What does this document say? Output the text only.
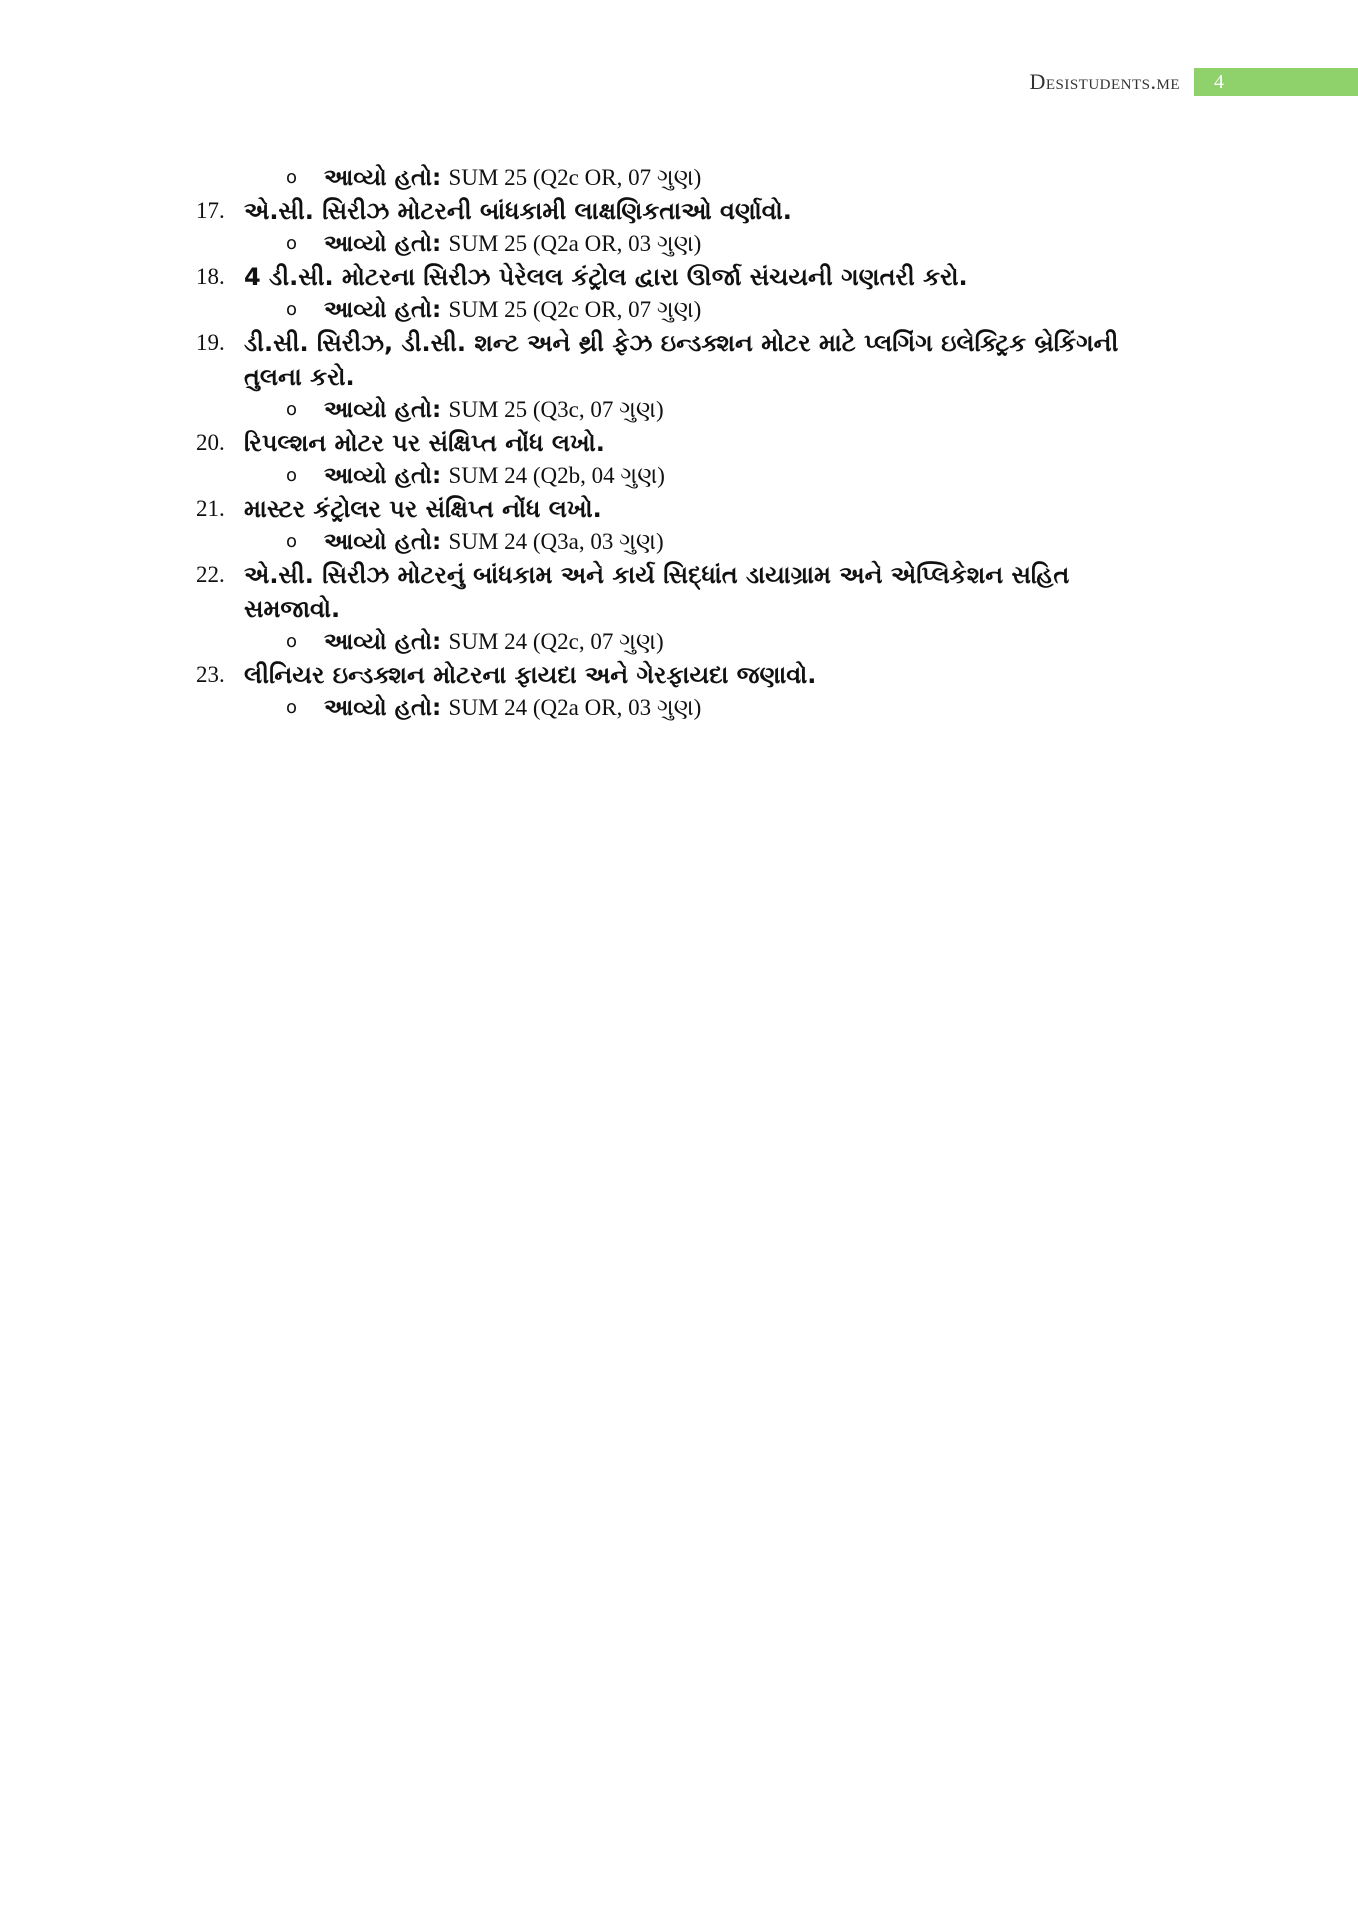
Desistudents.me	4
o આવ્યો હતો: SUM 25 (Q2c OR, 07 ગુણ)
17. એ.સી. સિરીઝ મોટરની બાંધકામી લાક્ષણિકતાઓ વર્ણાવો.
o આવ્યો હતો: SUM 25 (Q2a OR, 03 ગુણ)
18. 4 ડી.સી. મોટરના સિરીઝ પેરેલલ કંટ્રોલ દ્વારા ઊર્જા સંચયની ગણતરી કરો.
o આવ્યો હતો: SUM 25 (Q2c OR, 07 ગુણ)
19. ડી.સી. સિરીઝ, ડી.સી. શન્ટ અને થ્રી ફેઝ ઇન્ડક્શન મોટર માટે પ્લગિંગ ઇલેક્ટ્રિક બ્રેકિંગની તુલના કરો.
o આવ્યો હતો: SUM 25 (Q3c, 07 ગુણ)
20. રિપલ્શન મોટર પર સંક્ષિપ્ત નોંધ લખો.
o આવ્યો હતો: SUM 24 (Q2b, 04 ગુણ)
21. માસ્ટર કંટ્રોલર પર સંક્ષિપ્ત નોંધ લખો.
o આવ્યો હતો: SUM 24 (Q3a, 03 ગુણ)
22. એ.સી. સિરીઝ મોટરનું બાંધકામ અને કાર્ય સિદ્ધાંત ડાયાગ્રામ અને એપ્લિકેશન સહિત સમજાવો.
o આવ્યો હતો: SUM 24 (Q2c, 07 ગુણ)
23. લીનિયર ઇન્ડક્શન મોટરના ફાયદા અને ગેરફાયદા જણાવો.
o આવ્યો હતો: SUM 24 (Q2a OR, 03 ગુણ)
